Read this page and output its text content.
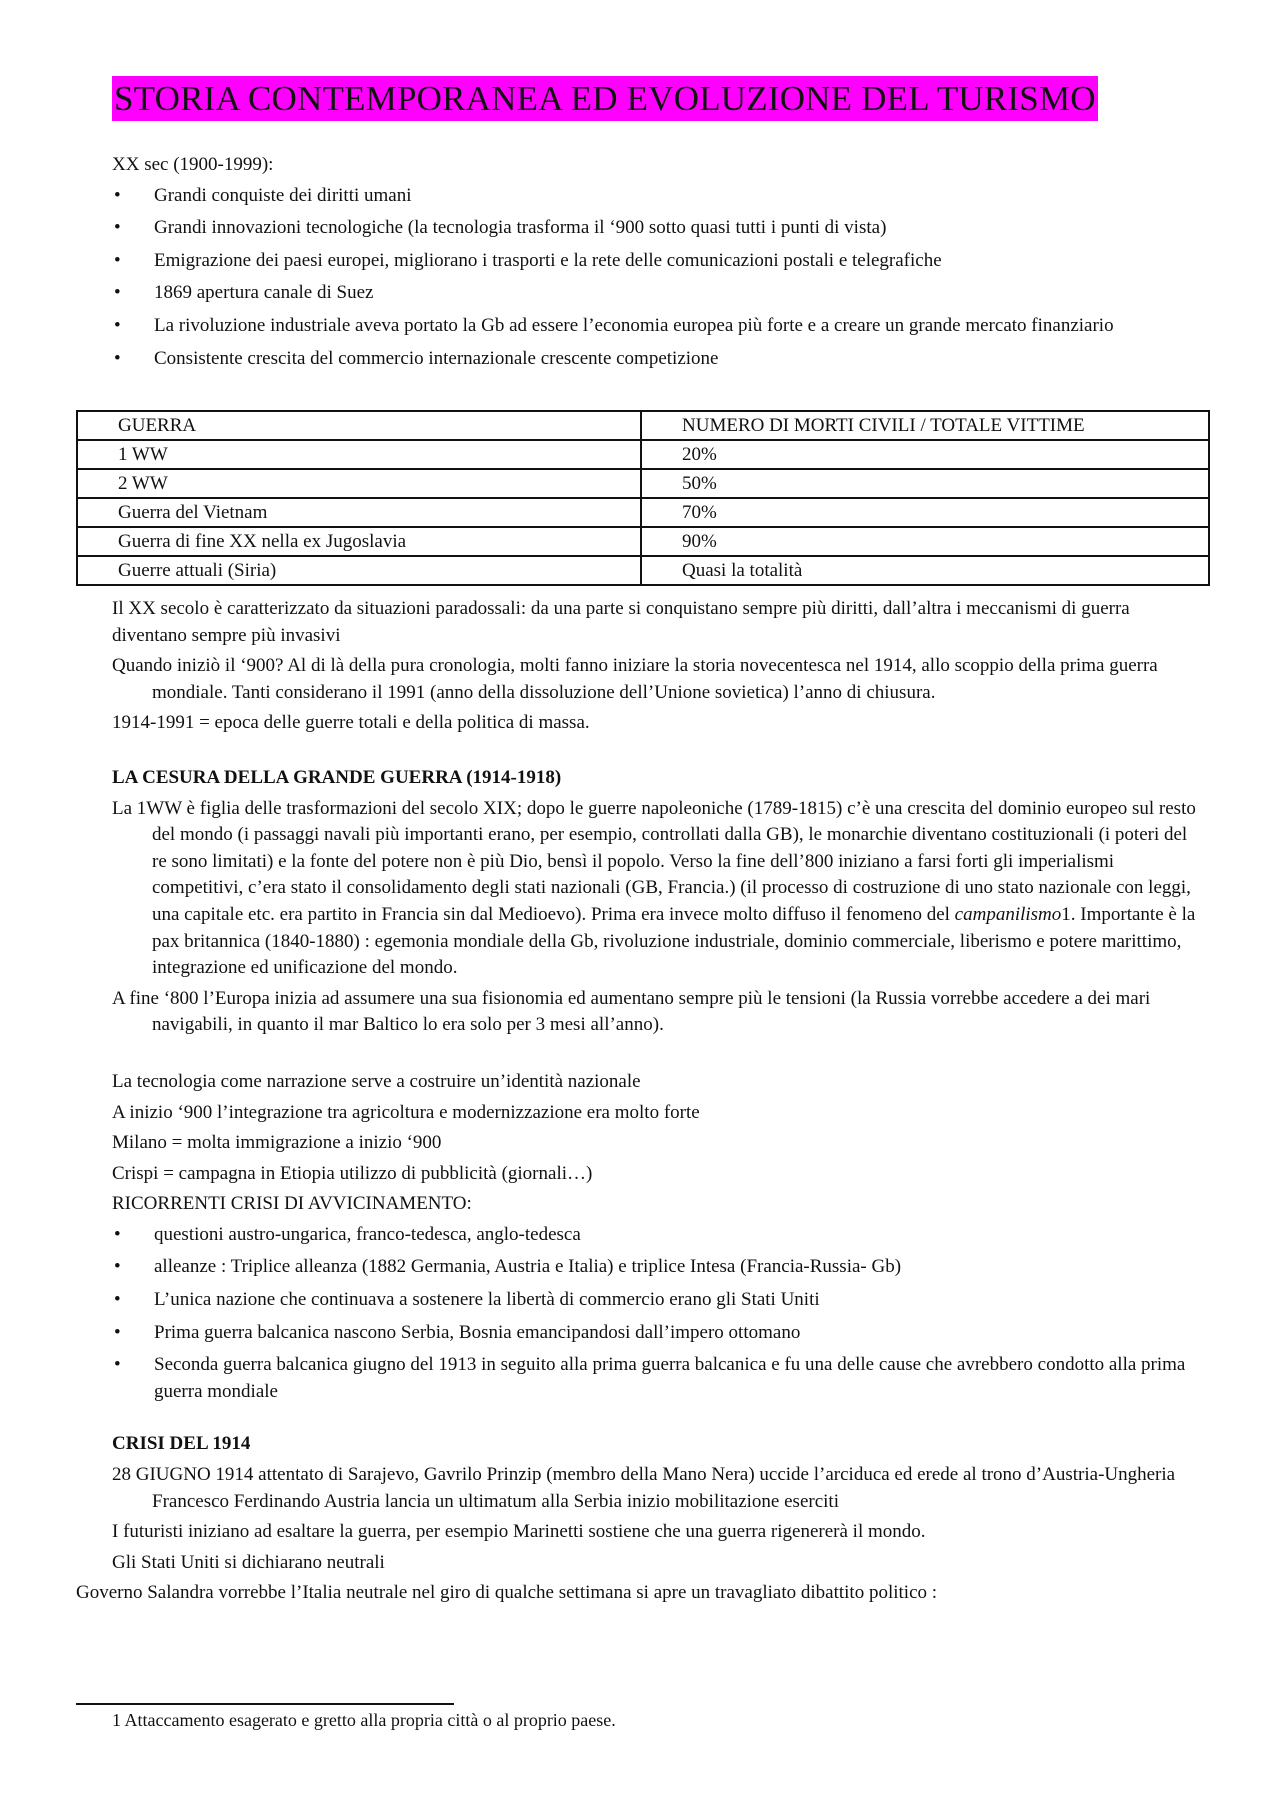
STORIA CONTEMPORANEA ED EVOLUZIONE DEL TURISMO

XX sec (1900-1999):

• Grandi conquiste dei diritti umani
• Grandi innovazioni tecnologiche (la tecnologia trasforma il ‘900 sotto quasi tutti i punti di vista)
• Emigrazione dei paesi europei, migliorano i trasporti e la rete delle comunicazioni postali e telegrafiche
• 1869 apertura canale di Suez
• La rivoluzione industriale aveva portato la Gb ad essere l’economia europea più forte e a creare un grande mercato finanziario
• Consistente crescita del commercio internazionale crescente competizione
GUERRA	NUMERO DI MORTI CIVILI / TOTALE VITTIME
1 WW	20%
2 WW	50%
Guerra del Vietnam	70%
Guerra di fine XX nella ex Jugoslavia	90%
Guerre attuali (Siria)	Quasi la totalità

Il XX secolo è caratterizzato da situazioni paradossali: da una parte si conquistano sempre più diritti, dall’altra i meccanismi di guerra diventano sempre più invasivi

Quando iniziò il ‘900? Al di là della pura cronologia, molti fanno iniziare la storia novecentesca nel 1914, allo scoppio della prima guerra mondiale. Tanti considerano il 1991 (anno della dissoluzione dell’Unione sovietica) l’anno di chiusura.

1914-1991 = epoca delle guerre totali e della politica di massa.

LA CESURA DELLA GRANDE GUERRA (1914-1918)

La 1WW è figlia delle trasformazioni del secolo XIX; dopo le guerre napoleoniche (1789-1815) c’è una crescita del dominio europeo sul resto del mondo (i passaggi navali più importanti erano, per esempio, controllati dalla GB), le monarchie diventano costituzionali (i poteri del re sono limitati) e la fonte del potere non è più Dio, bensì il popolo. Verso la fine dell’800 iniziano a farsi forti gli imperialismi competitivi, c’era stato il consolidamento degli stati nazionali (GB, Francia.) (il processo di costruzione di uno stato nazionale con leggi, una capitale etc. era partito in Francia sin dal Medioevo). Prima era invece molto diffuso il fenomeno del campanilismo1. Importante è la pax britannica (1840-1880) : egemonia mondiale della Gb, rivoluzione industriale, dominio commerciale, liberismo e potere marittimo, integrazione ed unificazione del mondo.

A fine ‘800 l’Europa inizia ad assumere una sua fisionomia ed aumentano sempre più le tensioni (la Russia vorrebbe accedere a dei mari navigabili, in quanto il mar Baltico lo era solo per 3 mesi all’anno).

La tecnologia come narrazione serve a costruire un’identità nazionale

A inizio ‘900 l’integrazione tra agricoltura e modernizzazione era molto forte

Milano = molta immigrazione a inizio ‘900

Crispi = campagna in Etiopia utilizzo di pubblicità (giornali…)

RICORRENTI CRISI DI AVVICINAMENTO:

• questioni austro-ungarica, franco-tedesca, anglo-tedesca
• alleanze : Triplice alleanza (1882 Germania, Austria e Italia) e triplice Intesa (Francia-Russia- Gb)
• L’unica nazione che continuava a sostenere la libertà di commercio erano gli Stati Uniti
• Prima guerra balcanica nascono Serbia, Bosnia emancipandosi dall’impero ottomano
• Seconda guerra balcanica giugno del 1913 in seguito alla prima guerra balcanica e fu una delle cause che avrebbero condotto alla prima guerra mondiale

CRISI DEL 1914

28 GIUGNO 1914 attentato di Sarajevo, Gavrilo Prinzip (membro della Mano Nera) uccide l’arciduca ed erede al trono d’Austria-Ungheria Francesco Ferdinando Austria lancia un ultimatum alla Serbia inizio mobilitazione eserciti

I futuristi iniziano ad esaltare la guerra, per esempio Marinetti sostiene che una guerra rigenererà il mondo.

Gli Stati Uniti si dichiarano neutrali

Governo Salandra vorrebbe l’Italia neutrale nel giro di qualche settimana si apre un travagliato dibattito politico :

1 Attaccamento esagerato e gretto alla propria città o al proprio paese.
